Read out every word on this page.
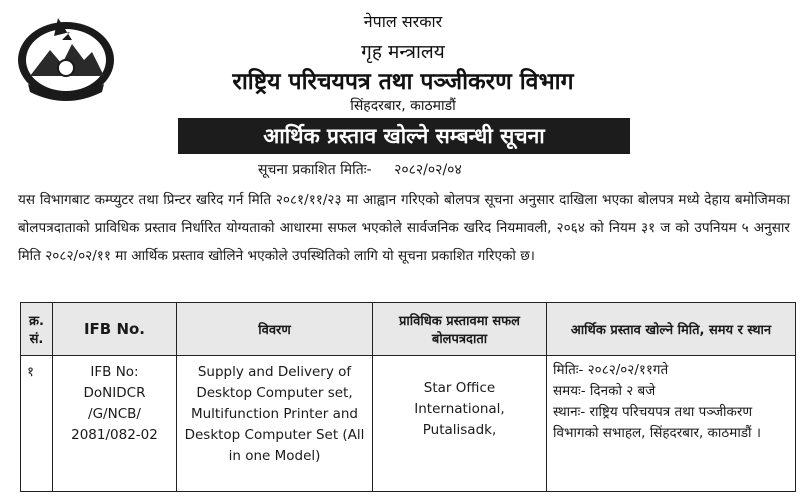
नेपाल सरकार
गृह मन्त्रालय
राष्ट्रिय परिचयपत्र तथा पञ्जीकरण विभाग
सिंहदरबार, काठमाडौं
आर्थिक प्रस्ताव खोल्ने सम्बन्धी सूचना
सूचना प्रकाशित मितिः- २०८२/०२/०४
यस विभागबाट कम्प्युटर तथा प्रिन्टर खरिद गर्न मिति २०८१/११/२३ मा आह्वान गरिएको बोलपत्र सूचना अनुसार दाखिला भएका बोलपत्र मध्ये देहाय बमोजिमका बोलपत्रदाताको प्राविधिक प्रस्ताव निर्धारित योग्यताको आधारमा सफल भएकोले सार्वजनिक खरिद नियमावली, २०६४ को नियम ३१ ज को उपनियम ५ अनुसार मिति २०८२/०२/११ मा आर्थिक प्रस्ताव खोलिने भएकोले उपस्थितिको लागि यो सूचना प्रकाशित गरिएको छ।
क्र. सं.	IFB No.	विवरण	प्राविधिक प्रस्तावमा सफल बोलपत्रदाता	आर्थिक प्रस्ताव खोल्ने मिति, समय र स्थान
१	IFB No: DoNIDCR /G/NCB/ 2081/082-02	Supply and Delivery of Desktop Computer set, Multifunction Printer and Desktop Computer Set (All in one Model)	Star Office International, Putalisadk,	मितिः- २०८२/०२/११गते
समयः- दिनको २ बजे
स्थानः- राष्ट्रिय परिचयपत्र तथा पञ्जीकरण विभागको सभाहल, सिंहदरबार, काठमाडौं ।
